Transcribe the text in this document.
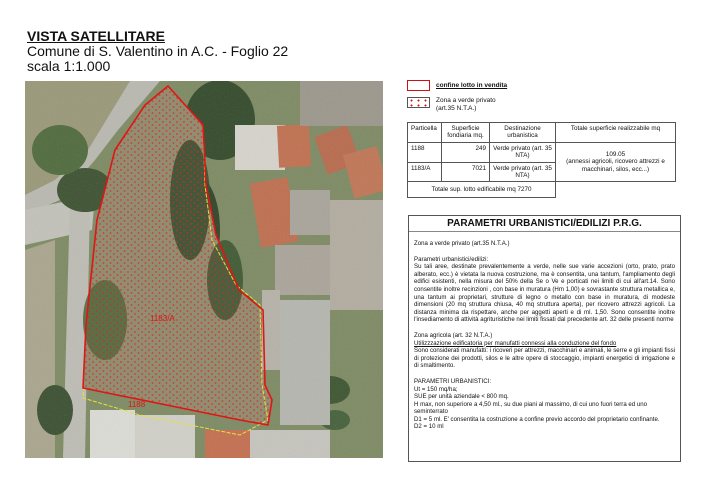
VISTA SATELLITARE
Comune di S. Valentino in A.C. - Foglio 22
scala 1:1.000
1183/A
1188
confine lotto in vendita
Zona a verde privato
(art.35 N.T.A.)
Particella	Superficie fondiaria mq.	Destinazione urbanistica	Totale superficie realizzabile mq
1188	249	Verde privato (art. 35 NTA)	109.05
(annessi agricoli, ricovero attrezzi e macchinari, silos, ecc...)

1183/A	7021	Verde privato (art. 35 NTA)	
Totale sup. lotto edificabile mq 7270			
PARAMETRI URBANISTICI/EDILIZI P.R.G.

Zona a verde privato (art.35 N.T.A.)

Parametri urbanistici/edilizi:
Su tali aree, destinate prevalentemente a verde, nelle sue varie accezioni (orto, prato, prato alberato, ecc.) è vietata la nuova costruzione, ma è consentita, una tantum, l'ampliamento degli edifici esistenti, nella misura del 50% della Se o Ve e porticati nei limiti di cui all'art.14. Sono consentite inoltre recinzioni , con base in muratura (Hm 1,00) e sovrastante struttura metallica e, una tantum ai proprietari, strutture di legno o metallo con base in muratura, di modeste dimensioni (20 mq struttura chiusa, 40 mq struttura aperta), per ricovero attrezzi agricoli. La distanza minima da rispettare, anche per aggetti aperti e di ml. 1,50. Sono consentite inoltre l'insediamento di attività agrituristiche nei limiti fissati dal precedente art. 32 delle presenti norme

Zona agricola (art. 32 N.T.A.)
Utilizzzazione edificatoria per manufatti connessi alla conduzione del fondo
Sono considerati manufatti: i ricoveri per attrezzi, macchinari e animali, le serre e gli impianti fissi di protezione dei prodotti, silos e le altre opere di stoccaggio, impianti energetici di irrigazione e di smaltimento.

PARAMETRI URBANISTICI:
Ut = 150 mq/ha;
SUE per unità aziendale < 800 mq.
H max, non superiore a 4,50 ml., su due piani al massimo, di cui uno fuori terra ed uno seminterrato
D1 = 5 ml. E' consentita la costruzione a confine previo accordo del proprietario confinante.
D2 = 10 ml
